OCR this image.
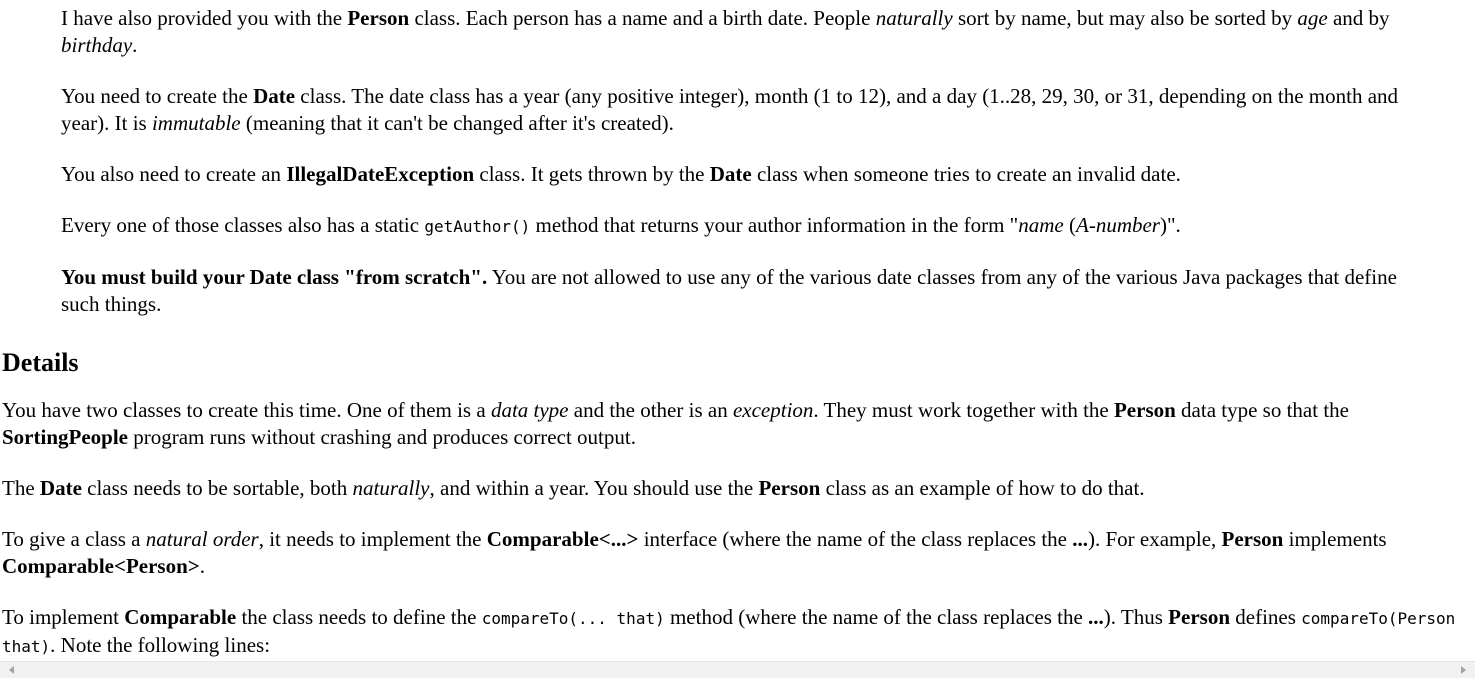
I have also provided you with the Person class. Each person has a name and a birth date. People naturally sort by name, but may also be sorted by age and by birthday.

You need to create the Date class. The date class has a year (any positive integer), month (1 to 12), and a day (1..28, 29, 30, or 31, depending on the month and year). It is immutable (meaning that it can't be changed after it's created).

You also need to create an IllegalDateException class. It gets thrown by the Date class when someone tries to create an invalid date.

Every one of those classes also has a static getAuthor() method that returns your author information in the form "name (A-number)".

You must build your Date class "from scratch". You are not allowed to use any of the various date classes from any of the various Java packages that define such things.

Details

You have two classes to create this time. One of them is a data type and the other is an exception. They must work together with the Person data type so that the SortingPeople program runs without crashing and produces correct output.

The Date class needs to be sortable, both naturally, and within a year. You should use the Person class as an example of how to do that.

To give a class a natural order, it needs to implement the Comparable<...> interface (where the name of the class replaces the ...). For example, Person implements Comparable<Person>.

To implement Comparable the class needs to define the compareTo(... that) method (where the name of the class replaces the ...). Thus Person defines compareTo(Person that). Note the following lines:
